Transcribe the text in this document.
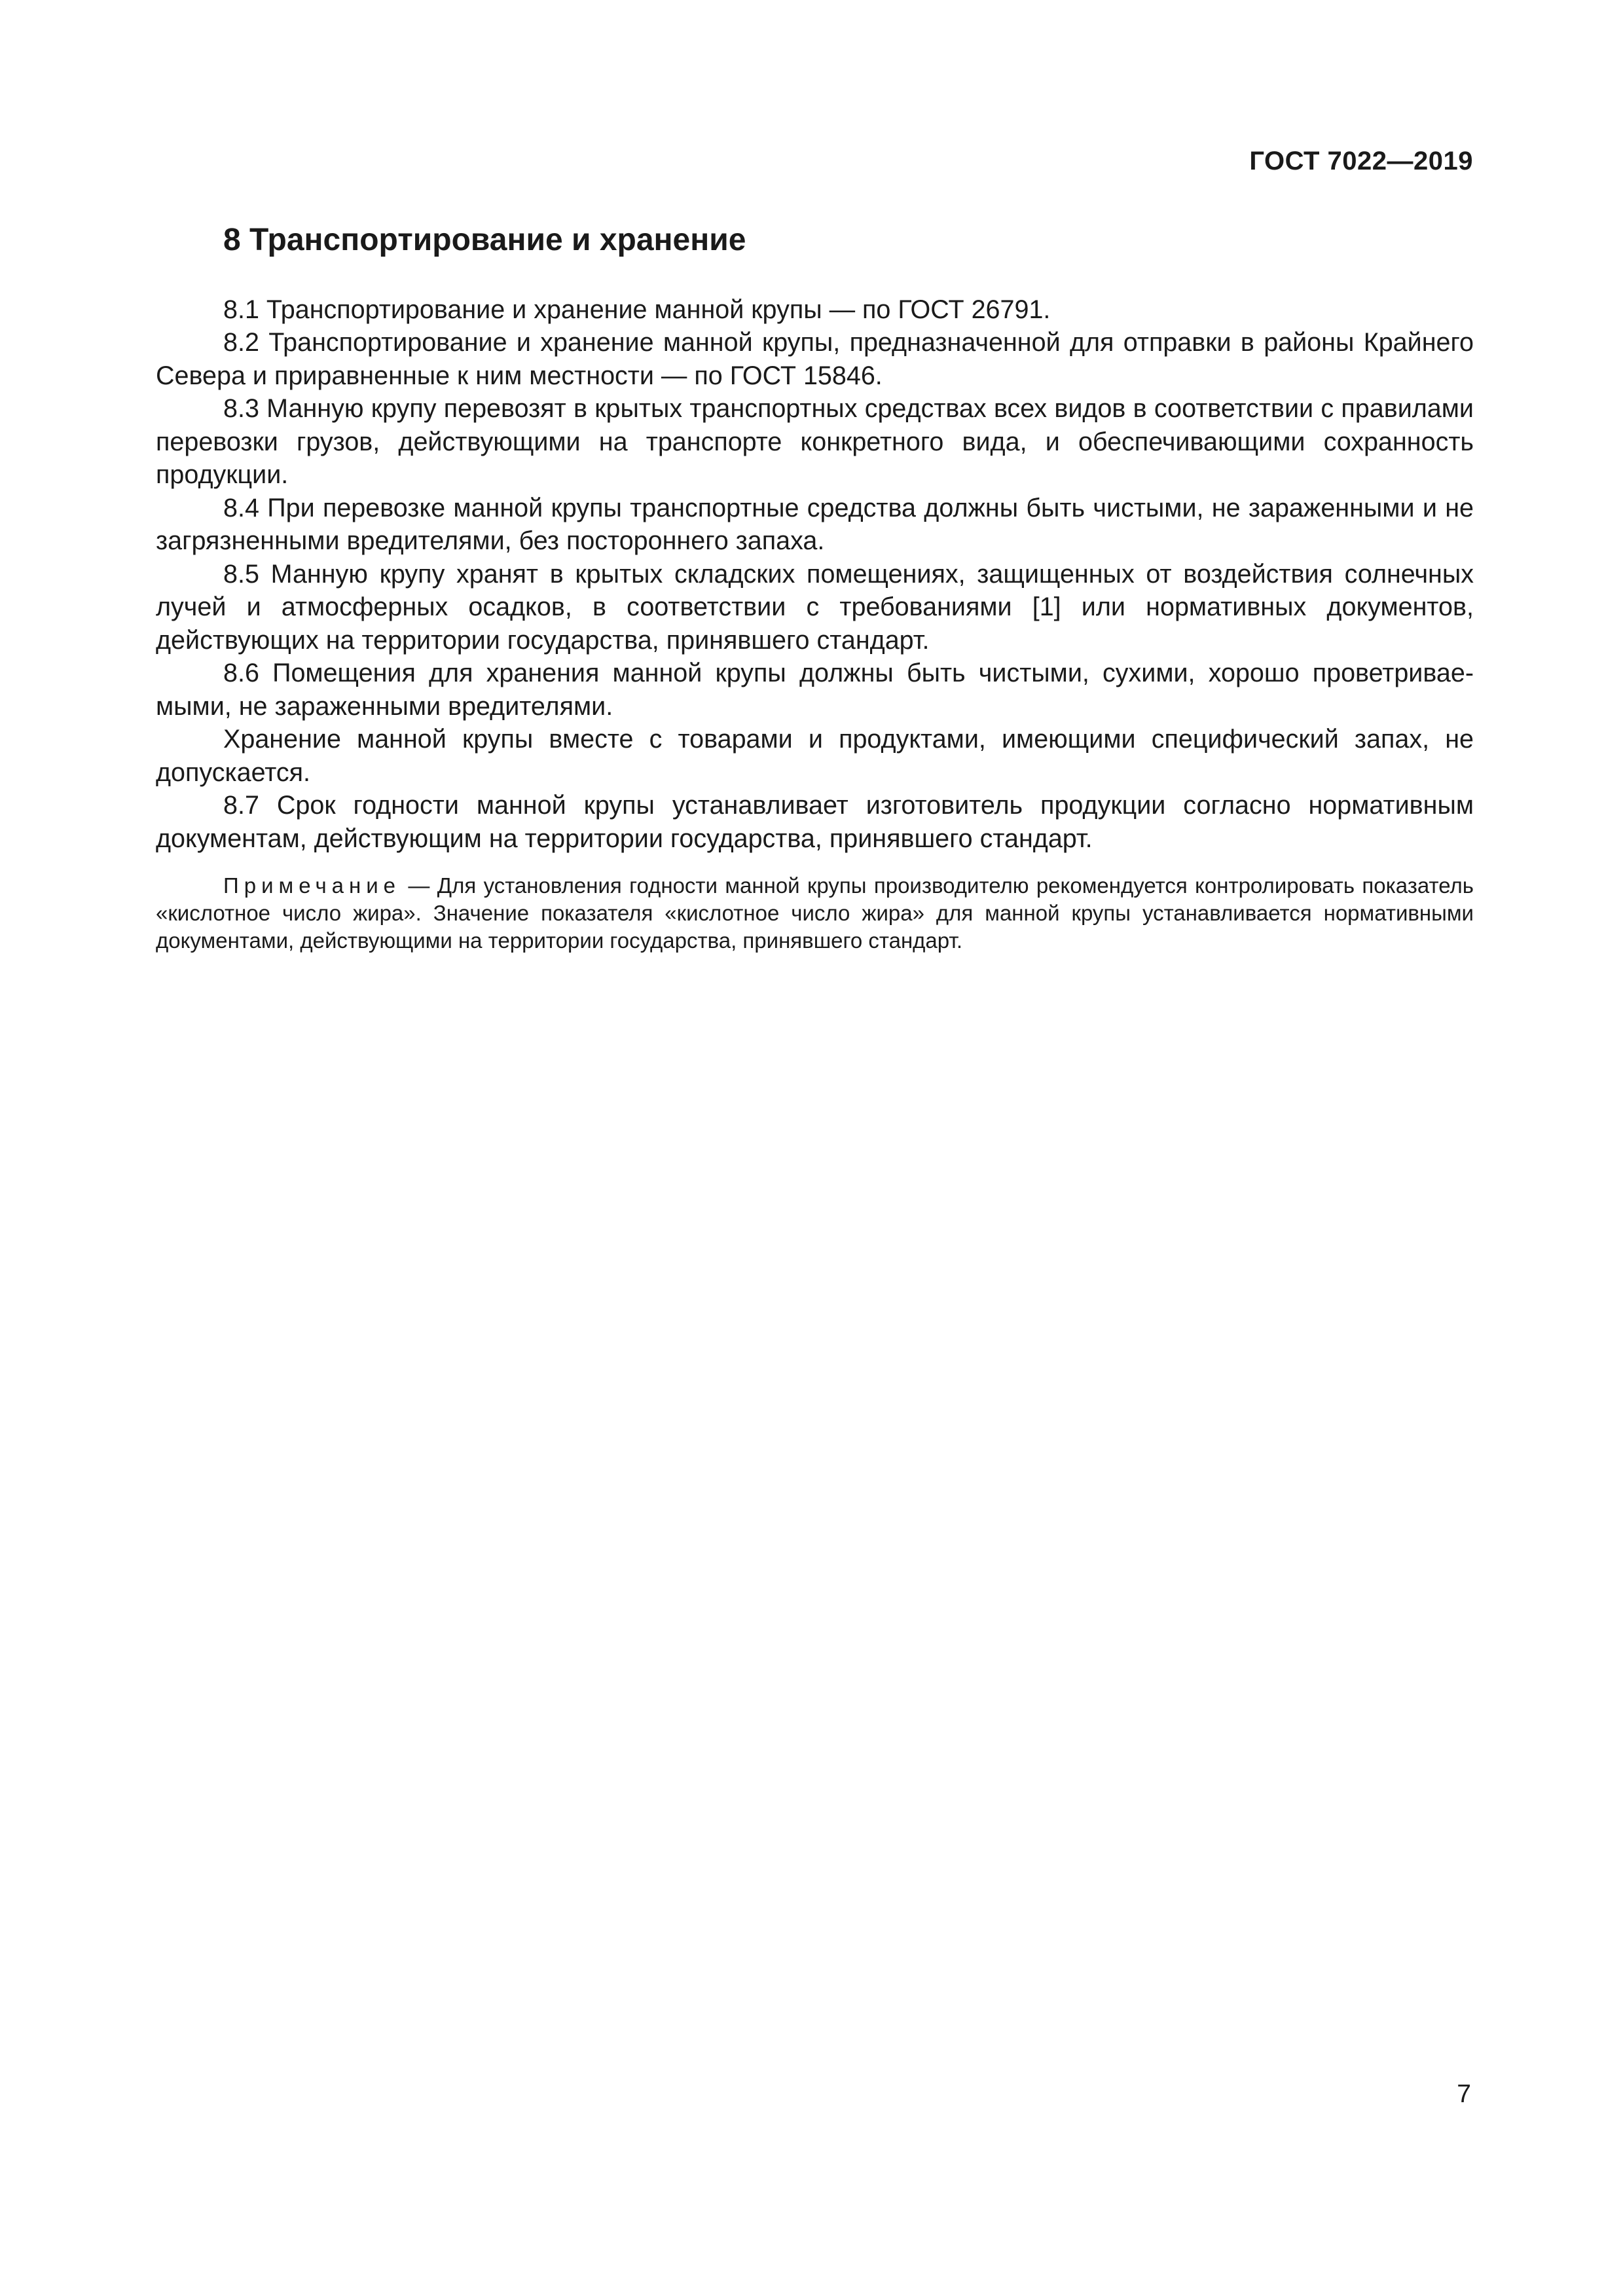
ГОСТ 7022—2019
8 Транспортирование и хранение

8.1 Транспортирование и хранение манной крупы — по ГОСТ 26791.

8.2 Транспортирование и хранение манной крупы, предназначенной для отправки в районы Крайнего Севера и приравненные к ним местности — по ГОСТ 15846.

8.3 Манную крупу перевозят в крытых транспортных средствах всех видов в соответствии с правилами перевозки грузов, действующими на транспорте конкретного вида, и обеспечивающими сохранность продукции.

8.4 При перевозке манной крупы транспортные средства должны быть чистыми, не зараженными и не загрязненными вредителями, без постороннего запаха.

8.5 Манную крупу хранят в крытых складских помещениях, защищенных от воздействия солнечных лучей и атмосферных осадков, в соответствии с требованиями [1] или нормативных документов, действующих на территории государства, принявшего стандарт.

8.6 Помещения для хранения манной крупы должны быть чистыми, сухими, хорошо проветриваемыми, не зараженными вредителями.

Хранение манной крупы вместе с товарами и продуктами, имеющими специфический запах, не допускается.

8.7 Срок годности манной крупы устанавливает изготовитель продукции согласно нормативным документам, действующим на территории государства, принявшего стандарт.

Примечание — Для установления годности манной крупы производителю рекомендуется контролировать показатель «кислотное число жира». Значение показателя «кислотное число жира» для манной крупы устанавливается нормативными документами, действующими на территории государства, принявшего стандарт.

7
